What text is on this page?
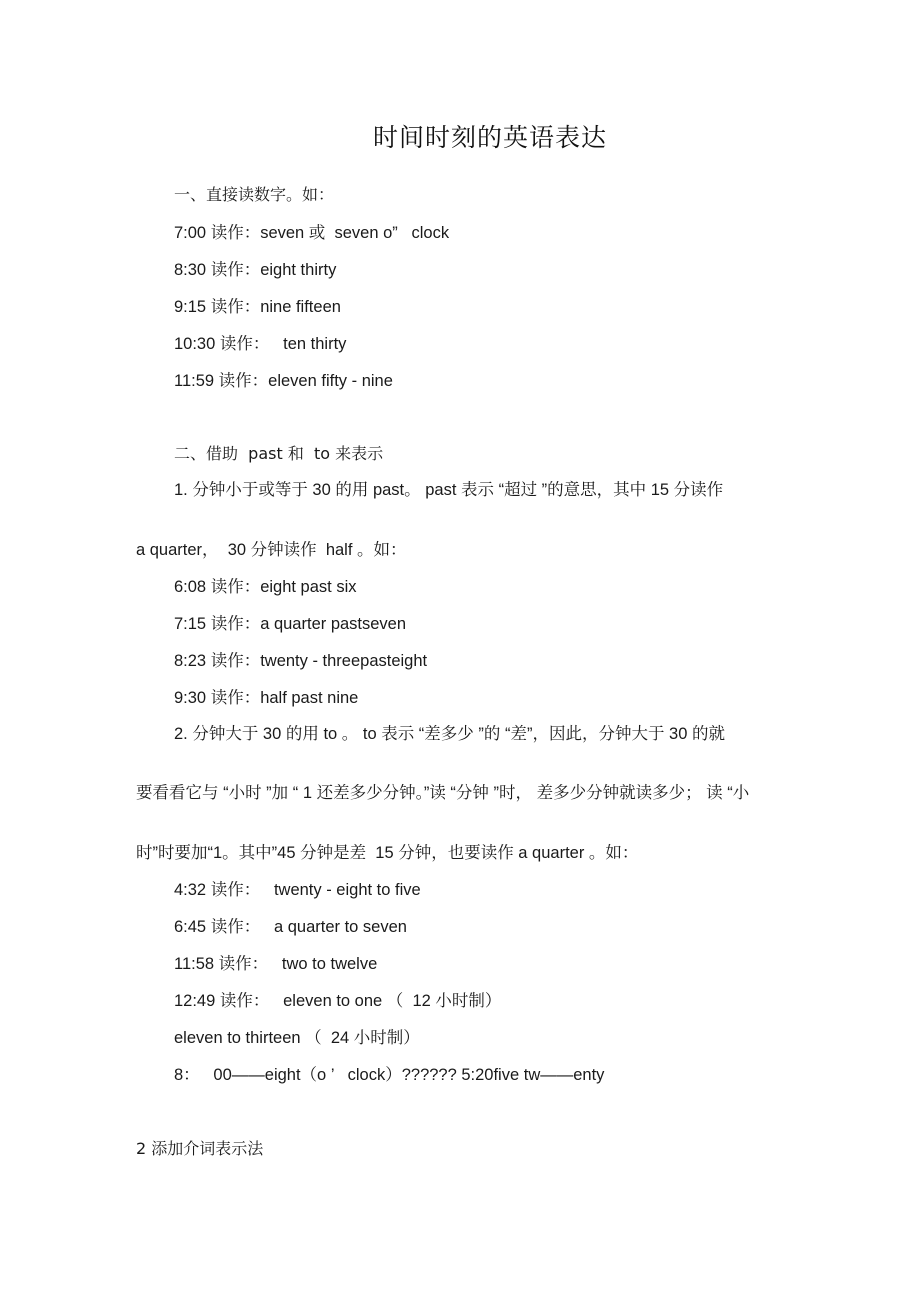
时间时刻的英语表达
一、直接读数字。如：
7:00 读作：seven 或  seven o”   clock
8:30 读作：eight thirty
9:15 读作：nine fifteen
10:30 读作：   ten thirty
11:59 读作：eleven fifty - nine
二、借助  past 和  to 来表示
1. 分钟小于或等于 30 的用 past。 past 表示 “超过 ”的意思，其中 15 分读作
a quarter，  30 分钟读作  half 。如：
6:08 读作：eight past six
7:15 读作：a quarter pastseven
8:23 读作：twenty - threepasteight
9:30 读作：half past nine
2. 分钟大于 30 的用 to 。 to 表示 “差多少 ”的 “差”，因此，分钟大于 30 的就
要看看它与 “小时 ”加 “ 1 还差多少分钟。”读 “分钟 ”时， 差多少分钟就读多少； 读 “小
时”时要加“1。其中”45 分钟是差  15 分钟，也要读作 a quarter 。如：
4:32 读作：   twenty - eight to five
6:45 读作：   a quarter to seven
11:58 读作：   two to twelve
12:49 读作：   eleven to one （  12 小时制）
eleven to thirteen （  24 小时制）
8：   00——eight（o ’   clock）?????? 5:20five tw——enty
2 添加介词表示法
